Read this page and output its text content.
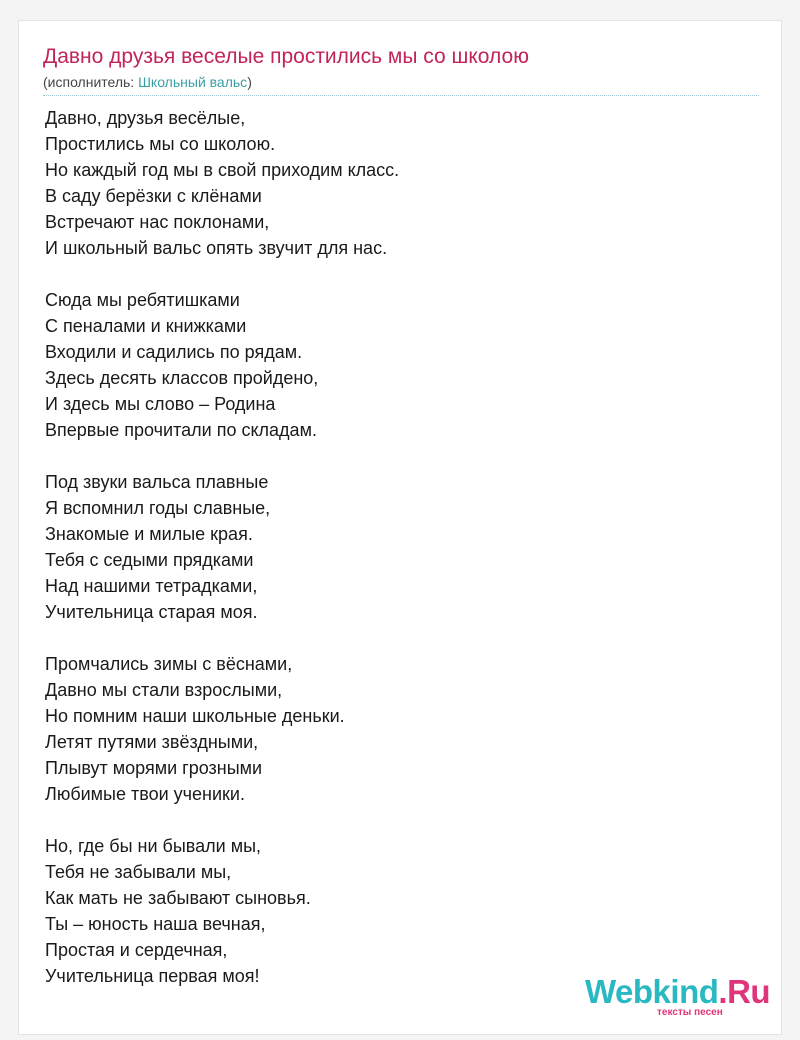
Давно друзья веселые простились мы со школою
(исполнитель: Школьный вальс)
Давно, друзья весёлые,
Простились мы со школою.
Но каждый год мы в свой приходим класс.
В саду берёзки с клёнами
Встречают нас поклонами,
И школьный вальс опять звучит для нас.
Сюда мы ребятишками
С пеналами и книжками
Входили и садились по рядам.
Здесь десять классов пройдено,
И здесь мы слово – Родина
Впервые прочитали по складам.
Под звуки вальса плавные
Я вспомнил годы славные,
Знакомые и милые края.
Тебя с седыми прядками
Над нашими тетрадками,
Учительница старая моя.
Промчались зимы с вёснами,
Давно мы стали взрослыми,
Но помним наши школьные деньки.
Летят путями звёздными,
Плывут морями грозными
Любимые твои ученики.
Но, где бы ни бывали мы,
Тебя не забывали мы,
Как мать не забывают сыновья.
Ты – юность наша вечная,
Простая и сердечная,
Учительница первая моя!	Webkind.Ru
тексты песен
